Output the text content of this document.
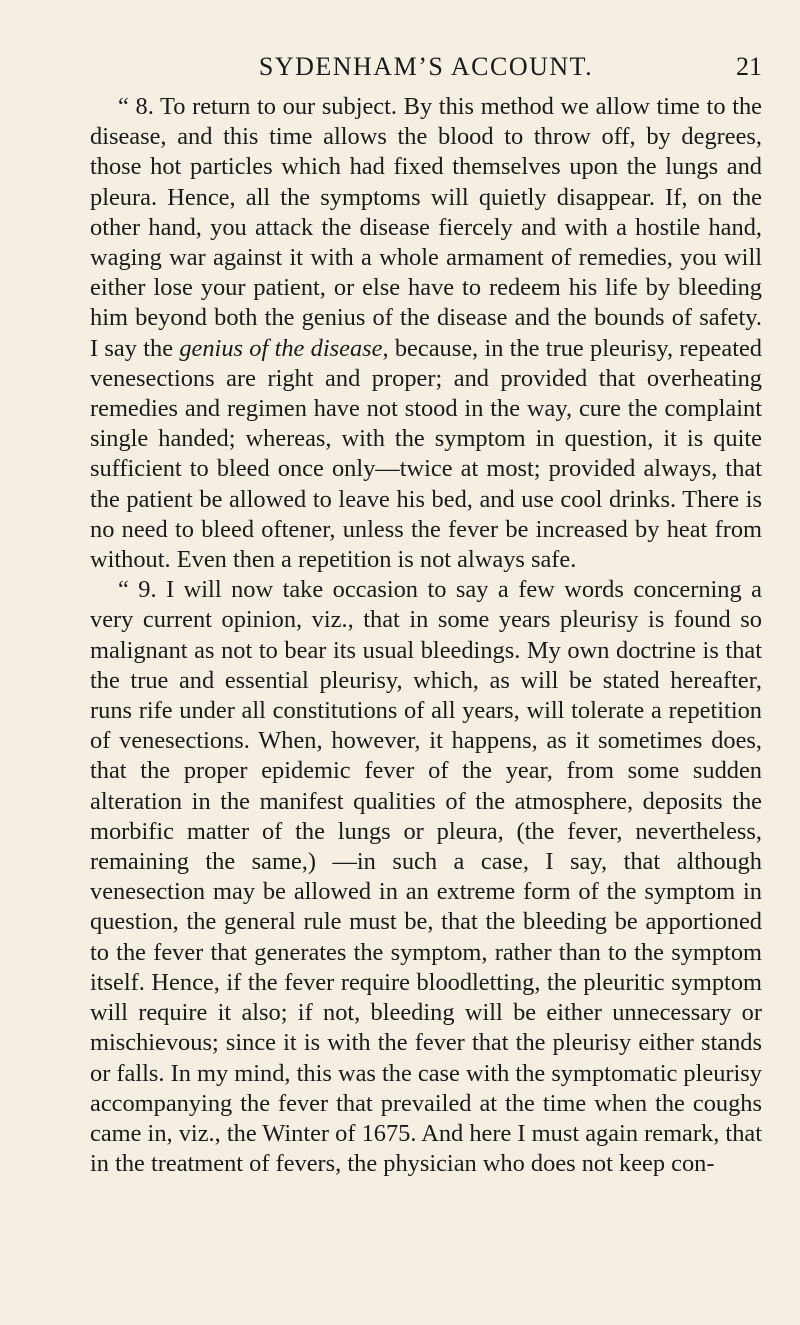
SYDENHAM’S ACCOUNT.	21

“ 8. To return to our subject. By this method we allow time to the disease, and this time allows the blood to throw off, by degrees, those hot particles which had fixed themselves upon the lungs and pleura. Hence, all the symptoms will quietly disappear. If, on the other hand, you attack the disease fiercely and with a hostile hand, waging war against it with a whole armament of remedies, you will either lose your patient, or else have to redeem his life by bleeding him beyond both the genius of the disease and the bounds of safety. I say the genius of the disease, because, in the true pleurisy, repeated venesections are right and proper; and provided that overheating remedies and regimen have not stood in the way, cure the complaint single handed; whereas, with the symptom in question, it is quite sufficient to bleed once only—twice at most; provided always, that the patient be allowed to leave his bed, and use cool drinks. There is no need to bleed oftener, unless the fever be increased by heat from without. Even then a repetition is not always safe.

“ 9. I will now take occasion to say a few words concerning a very current opinion, viz., that in some years pleurisy is found so malignant as not to bear its usual bleedings. My own doctrine is that the true and essential pleurisy, which, as will be stated hereafter, runs rife under all constitutions of all years, will tolerate a repetition of venesections. When, however, it happens, as it sometimes does, that the proper epidemic fever of the year, from some sudden alteration in the manifest qualities of the atmosphere, deposits the morbific matter of the lungs or pleura, (the fever, nevertheless, remaining the same,) —in such a case, I say, that although venesection may be allowed in an extreme form of the symptom in question, the general rule must be, that the bleeding be apportioned to the fever that generates the symptom, rather than to the symptom itself. Hence, if the fever require bloodletting, the pleuritic symptom will require it also; if not, bleeding will be either unnecessary or mischievous; since it is with the fever that the pleurisy either stands or falls. In my mind, this was the case with the symptomatic pleurisy accompanying the fever that prevailed at the time when the coughs came in, viz., the Winter of 1675. And here I must again remark, that in the treatment of fevers, the physician who does not keep con-
